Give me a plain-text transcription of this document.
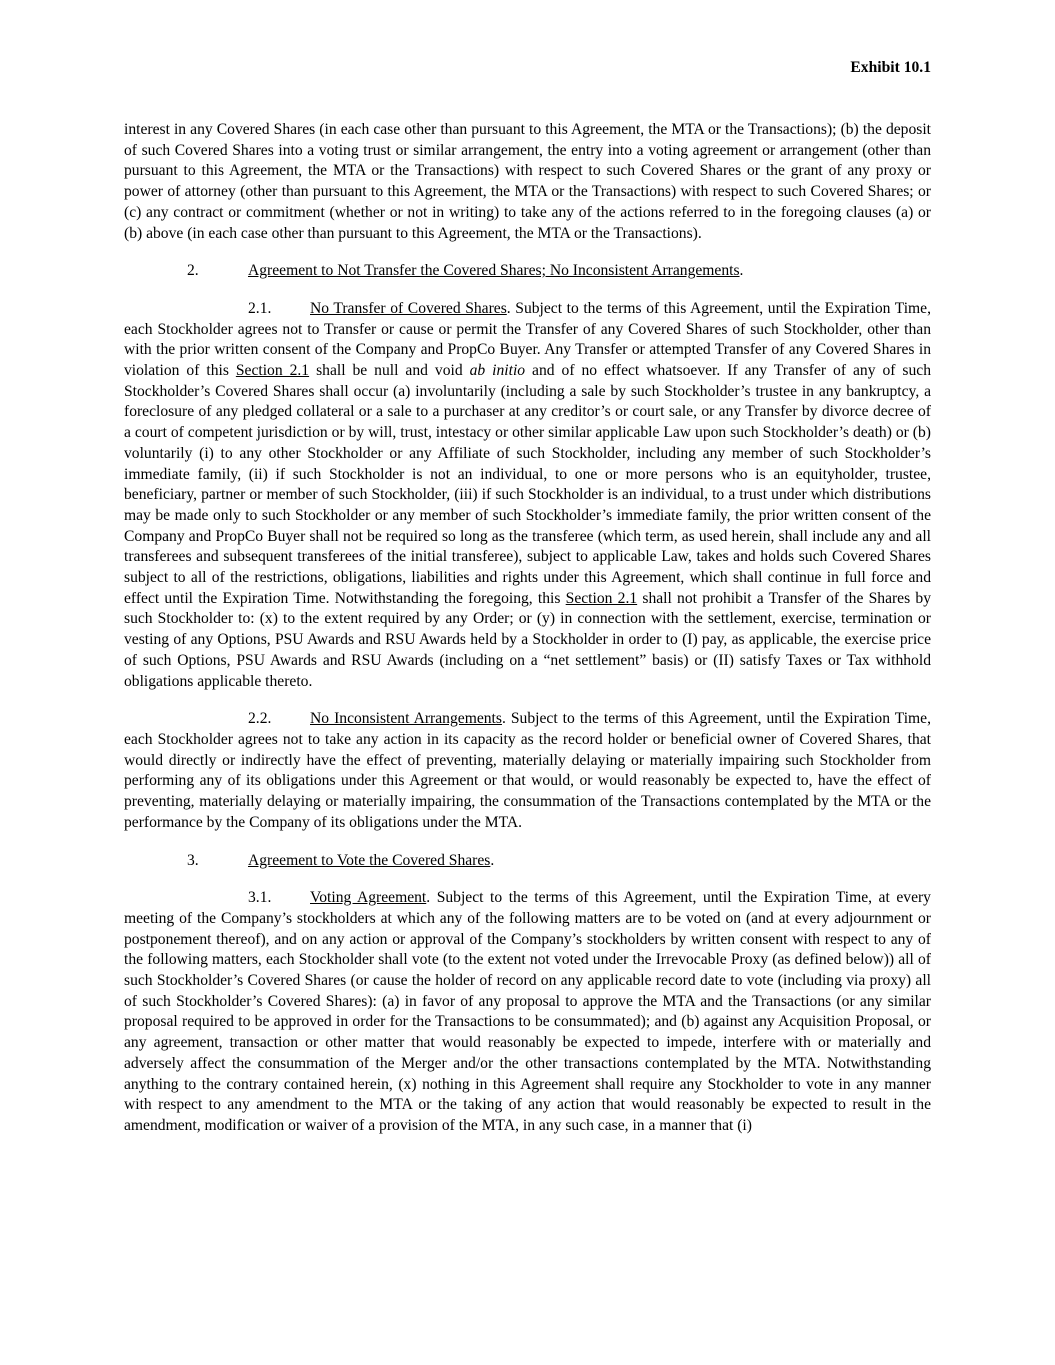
Exhibit 10.1

interest in any Covered Shares (in each case other than pursuant to this Agreement, the MTA or the Transactions); (b) the deposit of such Covered Shares into a voting trust or similar arrangement, the entry into a voting agreement or arrangement (other than pursuant to this Agreement, the MTA or the Transactions) with respect to such Covered Shares or the grant of any proxy or power of attorney (other than pursuant to this Agreement, the MTA or the Transactions) with respect to such Covered Shares; or (c) any contract or commitment (whether or not in writing) to take any of the actions referred to in the foregoing clauses (a) or (b) above (in each case other than pursuant to this Agreement, the MTA or the Transactions).

2.	Agreement to Not Transfer the Covered Shares; No Inconsistent Arrangements.

2.1. No Transfer of Covered Shares. Subject to the terms of this Agreement, until the Expiration Time, each Stockholder agrees not to Transfer or cause or permit the Transfer of any Covered Shares of such Stockholder, other than with the prior written consent of the Company and PropCo Buyer. Any Transfer or attempted Transfer of any Covered Shares in violation of this Section 2.1 shall be null and void ab initio and of no effect whatsoever. If any Transfer of any of such Stockholder’s Covered Shares shall occur (a) involuntarily (including a sale by such Stockholder’s trustee in any bankruptcy, a foreclosure of any pledged collateral or a sale to a purchaser at any creditor’s or court sale, or any Transfer by divorce decree of a court of competent jurisdiction or by will, trust, intestacy or other similar applicable Law upon such Stockholder’s death) or (b) voluntarily (i) to any other Stockholder or any Affiliate of such Stockholder, including any member of such Stockholder’s immediate family, (ii) if such Stockholder is not an individual, to one or more persons who is an equityholder, trustee, beneficiary, partner or member of such Stockholder, (iii) if such Stockholder is an individual, to a trust under which distributions may be made only to such Stockholder or any member of such Stockholder’s immediate family, the prior written consent of the Company and PropCo Buyer shall not be required so long as the transferee (which term, as used herein, shall include any and all transferees and subsequent transferees of the initial transferee), subject to applicable Law, takes and holds such Covered Shares subject to all of the restrictions, obligations, liabilities and rights under this Agreement, which shall continue in full force and effect until the Expiration Time. Notwithstanding the foregoing, this Section 2.1 shall not prohibit a Transfer of the Shares by such Stockholder to: (x) to the extent required by any Order; or (y) in connection with the settlement, exercise, termination or vesting of any Options, PSU Awards and RSU Awards held by a Stockholder in order to (I) pay, as applicable, the exercise price of such Options, PSU Awards and RSU Awards (including on a “net settlement” basis) or (II) satisfy Taxes or Tax withhold obligations applicable thereto.

2.2. No Inconsistent Arrangements. Subject to the terms of this Agreement, until the Expiration Time, each Stockholder agrees not to take any action in its capacity as the record holder or beneficial owner of Covered Shares, that would directly or indirectly have the effect of preventing, materially delaying or materially impairing such Stockholder from performing any of its obligations under this Agreement or that would, or would reasonably be expected to, have the effect of preventing, materially delaying or materially impairing, the consummation of the Transactions contemplated by the MTA or the performance by the Company of its obligations under the MTA.

3.	Agreement to Vote the Covered Shares.

3.1. Voting Agreement. Subject to the terms of this Agreement, until the Expiration Time, at every meeting of the Company’s stockholders at which any of the following matters are to be voted on (and at every adjournment or postponement thereof), and on any action or approval of the Company’s stockholders by written consent with respect to any of the following matters, each Stockholder shall vote (to the extent not voted under the Irrevocable Proxy (as defined below)) all of such Stockholder’s Covered Shares (or cause the holder of record on any applicable record date to vote (including via proxy) all of such Stockholder’s Covered Shares): (a) in favor of any proposal to approve the MTA and the Transactions (or any similar proposal required to be approved in order for the Transactions to be consummated); and (b) against any Acquisition Proposal, or any agreement, transaction or other matter that would reasonably be expected to impede, interfere with or materially and adversely affect the consummation of the Merger and/or the other transactions contemplated by the MTA. Notwithstanding anything to the contrary contained herein, (x) nothing in this Agreement shall require any Stockholder to vote in any manner with respect to any amendment to the MTA or the taking of any action that would reasonably be expected to result in the amendment, modification or waiver of a provision of the MTA, in any such case, in a manner that (i)
